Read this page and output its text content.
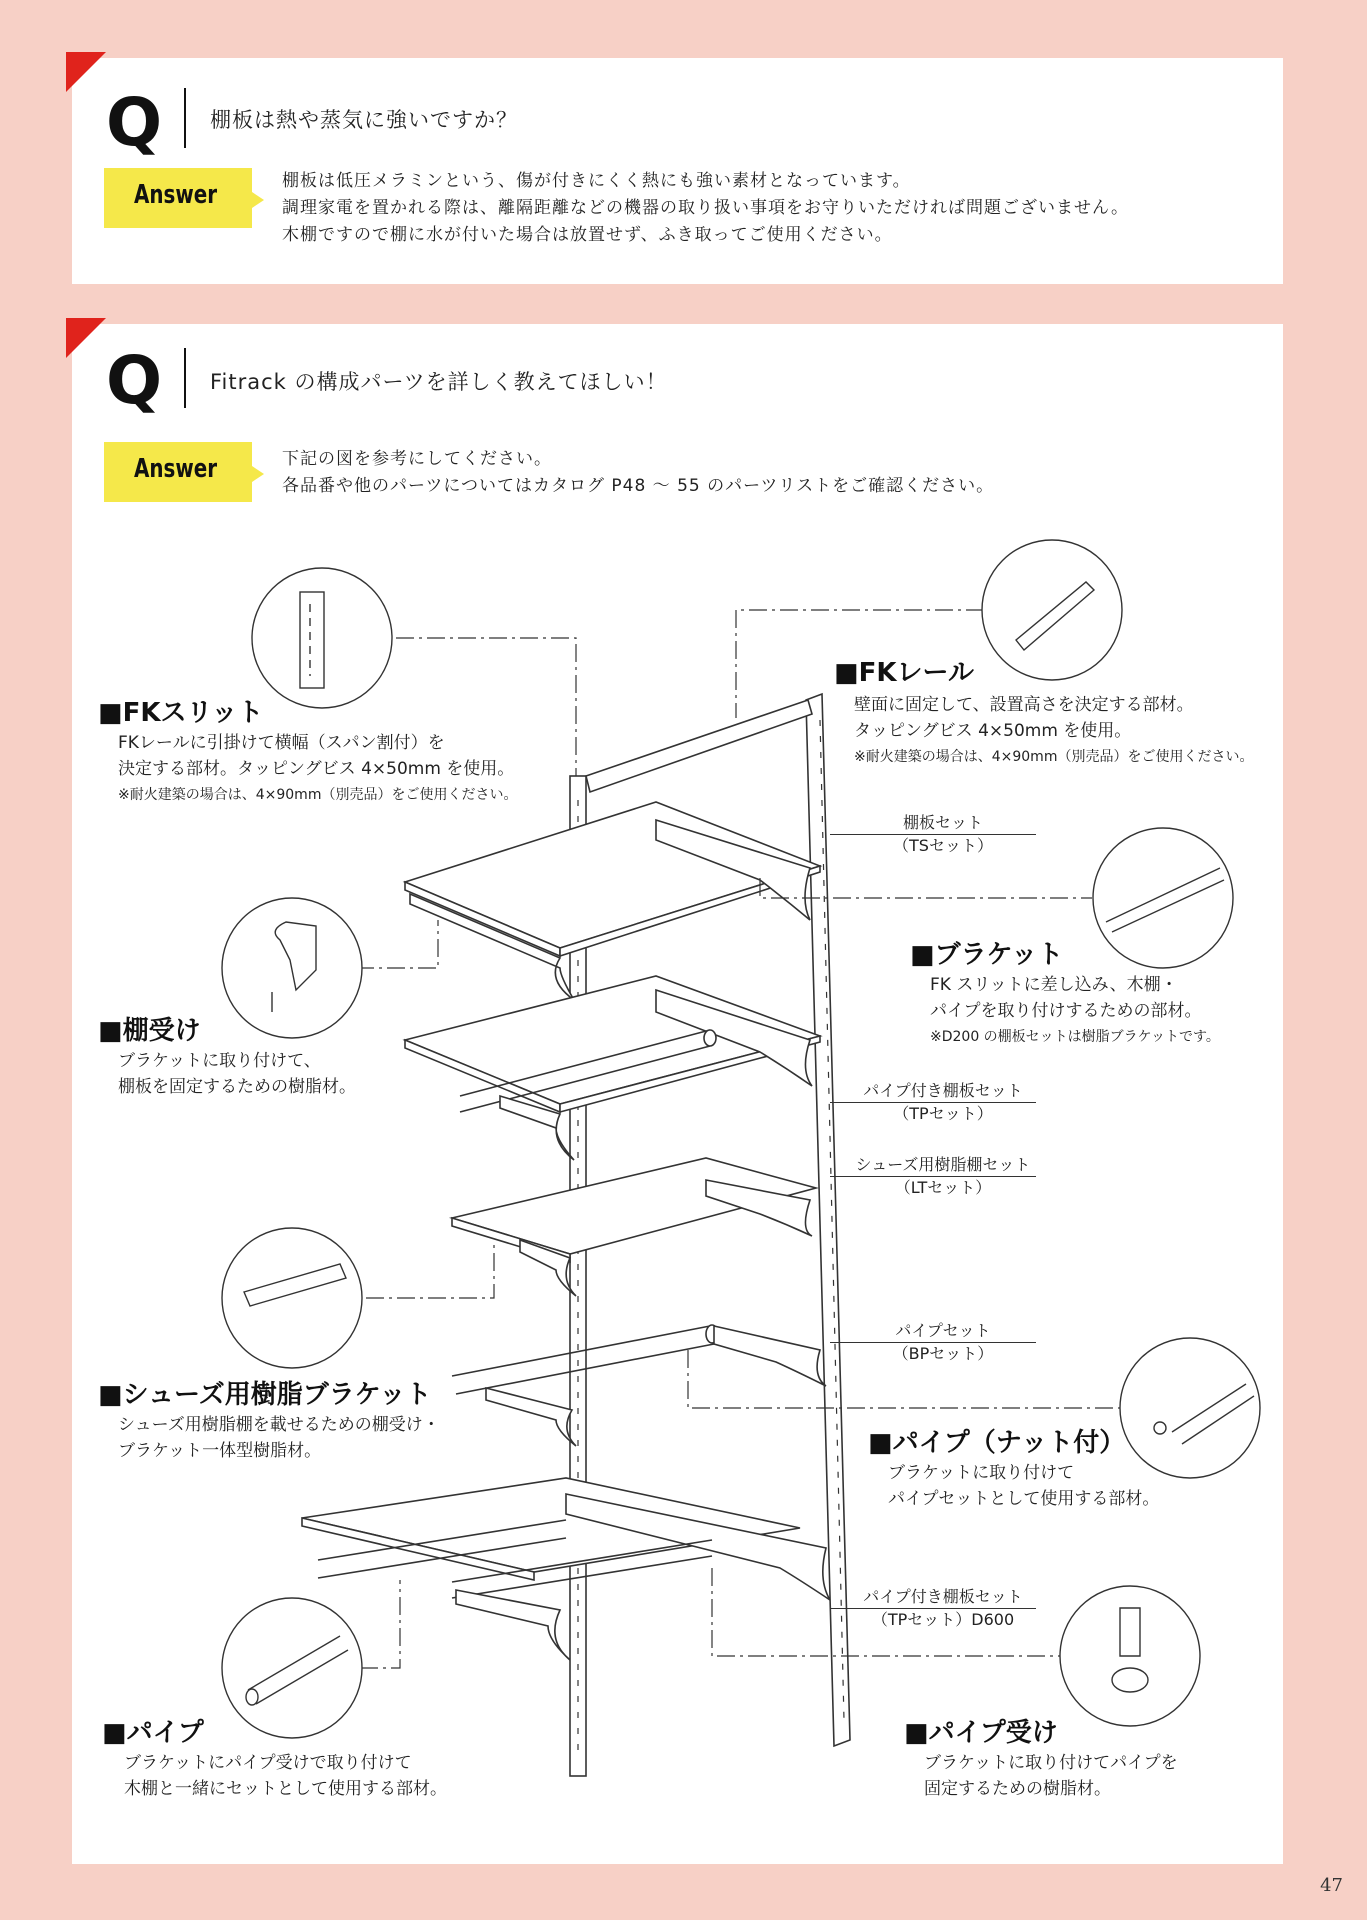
Q 棚板は熱や蒸気に強いですか？
Answer	棚板は低圧メラミンという、傷が付きにくく熱にも強い素材となっています。
調理家電を置かれる際は、離隔距離などの機器の取り扱い事項をお守りいただければ問題ございません。
木棚ですので棚に水が付いた場合は放置せず、ふき取ってご使用ください。
Q Fitrack の構成パーツを詳しく教えてほしい！
Answer	下記の図を参考にしてください。
各品番や他のパーツについてはカタログ P48 ～ 55 のパーツリストをご確認ください。
■FKスリット
FKレールに引掛けて横幅（スパン割付）を
決定する部材。タッピングビス 4×50mm を使用。
※耐火建築の場合は、4×90mm（別売品）をご使用ください。
■FKレール
壁面に固定して、設置高さを決定する部材。
タッピングビス 4×50mm を使用。
※耐火建築の場合は、4×90mm（別売品）をご使用ください。
■棚受け
ブラケットに取り付けて、
棚板を固定するための樹脂材。
■ブラケット
FK スリットに差し込み、木棚・
パイプを取り付けするための部材。
※D200 の棚板セットは樹脂ブラケットです。
■シューズ用樹脂ブラケット
シューズ用樹脂棚を載せるための棚受け・
ブラケット一体型樹脂材。	■パイプ（ナット付）
ブラケットに取り付けて
パイプセットとして使用する部材。
■パイプ
ブラケットにパイプ受けで取り付けて
木棚と一緒にセットとして使用する部材。
■パイプ受け
ブラケットに取り付けてパイプを
固定するための樹脂材。
棚板セット
（TSセット）
パイプ付き棚板セット
（TPセット）
シューズ用樹脂棚セット
（LTセット）
パイプセット
（BPセット）
パイプ付き棚板セット
（TPセット）D600
47
